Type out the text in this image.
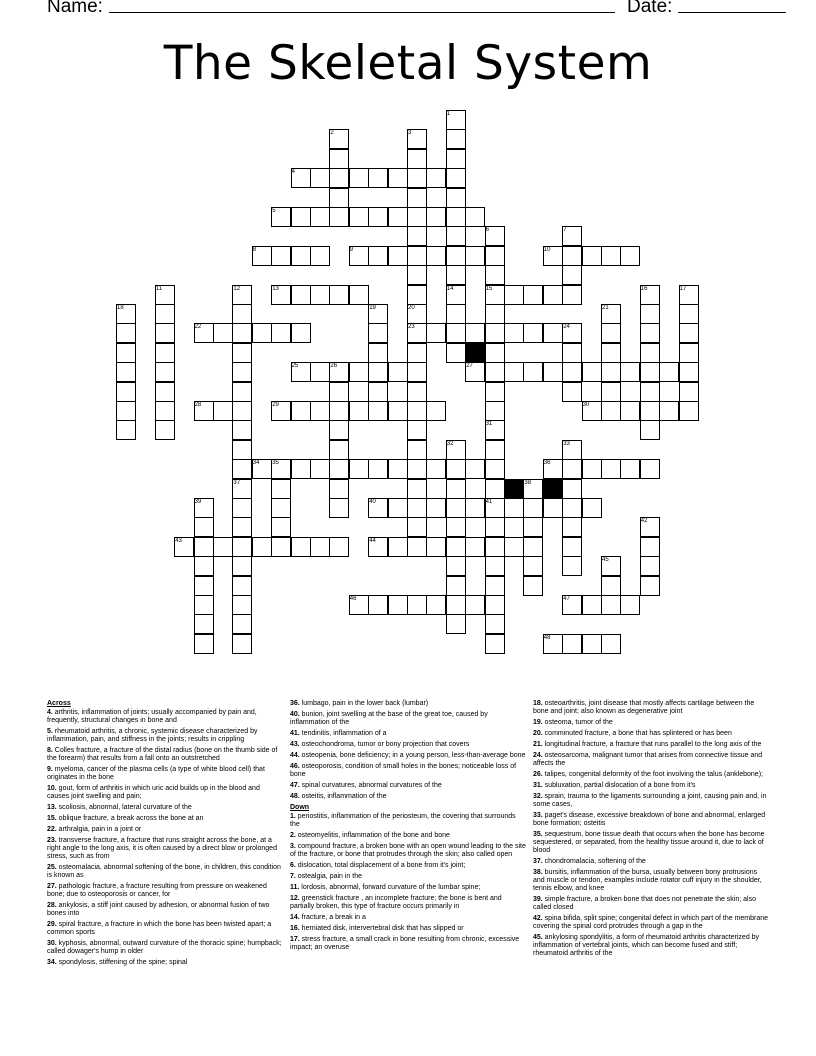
Name:	Date:
The Skeletal System
1
2	3
4
5
6	7
8	9	10
11	12	13	14	15	16	17
18	19	20	21
22	23	24
25	26	27
28	29	30
31
32	33
34 35	36
37	38
39	40	41
42
43	44
45
46	47
48
Across
4. arthritis, inflammation of joints; usually accompanied by pain and, frequently, structural changes in bone and
5. rheumatoid arthritis, a chronic, systemic disease characterized by inflammation, pain, and stiffness in the joints; results in crippling
8. Colles fracture, a fracture of the distal radius (bone on the thumb side of the forearm) that results from a fall onto an outstretched
9. myeloma, cancer of the plasma cells (a type of white blood cell) that originates in the bone
10. gout, form of arthritis in which uric acid builds up in the blood and causes joint swelling and pain;
13. scoliosis, abnormal, lateral curvature of the
15. oblique fracture, a break across the bone at an
22. arthralgia, pain in a joint or
23. transverse fracture, a fracture that runs straight across the bone, at a right angle to the long axis, it is often caused by a direct blow or prolonged stress, such as from
25. osteomalacia, abnormal softening of the bone, in children, this condition is known as
27. pathologic fracture, a fracture resulting from pressure on weakened bone; due to osteoporosis or cancer, for
28. ankylosis, a stiff joint caused by adhesion, or abnormal fusion of two bones into
29. spiral fracture, a fracture in which the bone has been twisted apart; a common sports
30. kyphosis, abnormal, outward curvature of the thoracic spine; humpback; called dowager's hump in older
34. spondylosis, stiffening of the spine; spinal
36. lumbago, pain in the lower back (lumbar)
40. bunion, joint swelling at the base of the great toe, caused by inflammation of the
41. tendinitis, inflammation of a
43. osteochondroma, tumor or bony projection that covers
44. osteopenia, bone deficiency; in a young person, less-than-average bone
46. osteoporosis, condition of small holes in the bones; noticeable loss of bone
47. spinal curvatures, abnormal curvatures of the
48. osteitis, inflammation of the
Down
1. periostitis, inflammation of the periosteum, the covering that surrounds the
2. osteomyelitis, inflammation of the bone and bone
3. compound fracture, a broken bone with an open wound leading to the site of the fracture, or bone that protrudes through the skin; also called open
6. dislocation, total displacement of a bone from it's joint;
7. ostealgia, pain in the
11. lordosis, abnormal, forward curvature of the lumbar spine;
12. greenstick fracture , an incomplete fracture; the bone is bent and partially broken, this type of fracture occurs primarily in
14. fracture, a break in a
16. herniated disk, intervertebral disk that has slipped or
17. stress fracture, a small crack in bone resulting from chronic, excessive impact; an overuse
18. osteoarthritis, joint disease that mostly affects cartilage between the bone and joint; also known as degenerative joint
19. osteoma, tumor of the
20. comminuted fracture, a bone that has splintered or has been
21. longitudinal fracture, a fracture that runs parallel to the long axis of the
24. osteosarcoma, malignant tumor that arises from connective tissue and affects the
26. talipes, congenital deformity of the foot involving the talus (anklebone);
31. subluxation, partial dislocation of a bone from it's
32. sprain, trauma to the ligaments surrounding a joint, causing pain and, in some cases,
33. paget's disease, excessive breakdown of bone and abnormal, enlarged bone formation; osteitis
35. sequestrum, bone tissue death that occurs when the bone has become sequestered, or separated, from the healthy tissue around it, due to lack of blood
37. chondromalacia, softening of the
38. bursitis, inflammation of the bursa, usually between bony protrusions and muscle or tendon, examples include rotator cuff injury in the shoulder, tennis elbow, and knee
39. simple fracture, a broken bone that does not penetrate the skin; also called closed
42. spina bifida, split spine; congenital defect in which part of the membrane covering the spinal cord protrudes through a gap in the
45. ankylosing spondylitis, a form of rheumatoid arthritis characterized by inflammation of vertebral joints, which can become fused and stiff; rheumatoid arthritis of the
